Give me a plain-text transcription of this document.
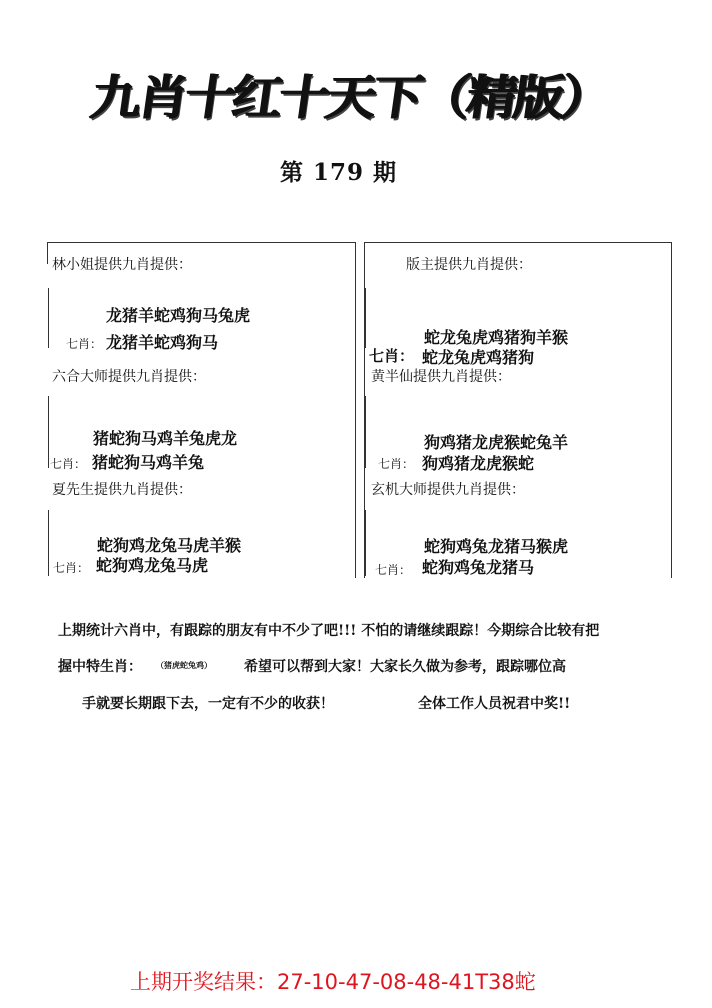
九肖十红十天下（精版）
第 179 期
林小姐提供九肖提供：
龙猪羊蛇鸡狗马兔虎
七肖： 龙猪羊蛇鸡狗马
版主提供九肖提供：
蛇龙兔虎鸡猪狗羊猴
七肖： 蛇龙兔虎鸡猪狗
六合大师提供九肖提供：
猪蛇狗马鸡羊兔虎龙
七肖： 猪蛇狗马鸡羊兔
黄半仙提供九肖提供：
狗鸡猪龙虎猴蛇兔羊
七肖： 狗鸡猪龙虎猴蛇
夏先生提供九肖提供：
蛇狗鸡龙兔马虎羊猴
七肖： 蛇狗鸡龙兔马虎
玄机大师提供九肖提供：
蛇狗鸡兔龙猪马猴虎
七肖： 蛇狗鸡兔龙猪马
上期统计六肖中，有跟踪的朋友有中不少了吧!!! 不怕的请继续跟踪！今期综合比较有把
握中特生肖： （猪虎蛇兔鸡） 希望可以帮到大家！大家长久做为参考，跟踪哪位高
手就要长期跟下去，一定有不少的收获！	全体工作人员祝君中奖!!
上期开奖结果：27-10-47-08-48-41T38蛇
